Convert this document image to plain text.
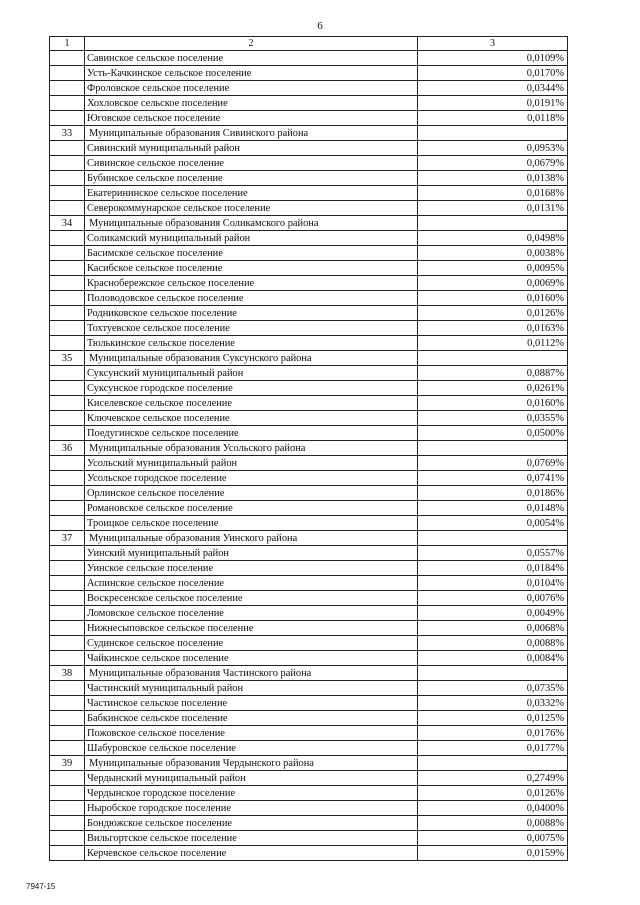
6
1	2	3
	Савинское сельское поселение	0,0109%
	Усть-Качкинское сельское поселение	0,0170%
	Фроловское сельское поселение	0,0344%
	Хохловское сельское поселение	0,0191%
	Юговское сельское поселение	0,0118%
33	Муниципальные образования Сивинского района	
	Сивинский муниципальный район	0,0953%
	Сивинское сельское поселение	0,0679%
	Бубинское сельское поселение	0,0138%
	Екатерининское сельское поселение	0,0168%
	Северокоммунарское сельское поселение	0,0131%
34	Муниципальные образования Соликамского района	
	Соликамский муниципальный район	0,0498%
	Басимское сельское поселение	0,0038%
	Касибское сельское поселение	0,0095%
	Краснобережское сельское поселение	0,0069%
	Половодовское сельское поселение	0,0160%
	Родниковское сельское поселение	0,0126%
	Тохтуевское сельское поселение	0,0163%
	Тюлькинское сельское поселение	0,0112%
35	Муниципальные образования Суксунского района	
	Суксунский муниципальный район	0,0887%
	Суксунское городское поселение	0,0261%
	Киселевское сельское поселение	0,0160%
	Ключевское сельское поселение	0,0355%
	Поедугинское сельское поселение	0,0500%
36	Муниципальные образования Усольского района	
	Усольский муниципальный район	0,0769%
	Усольское городское поселение	0,0741%
	Орлинское сельское поселение	0,0186%
	Романовское сельское поселение	0,0148%
	Троицкое сельское поселение	0,0054%
37	Муниципальные образования Уинского района	
	Уинский муниципальный район	0,0557%
	Уинское сельское поселение	0,0184%
	Аспинское сельское поселение	0,0104%
	Воскресенское сельское поселение	0,0076%
	Ломовское сельское поселение	0,0049%
	Нижнесыповское сельское поселение	0,0068%
	Судинское сельское поселение	0,0088%
	Чайкинское сельское поселение	0,0084%
38	Муниципальные образования Частинского района	
	Частинский муниципальный район	0,0735%
	Частинское сельское поселение	0,0332%
	Бабкинское сельское поселение	0,0125%
	Пожовское сельское поселение	0,0176%
	Шабуровское сельское поселение	0,0177%
39	Муниципальные образования Чердынского района	
	Чердынский муниципальный район	0,2749%
	Чердынское городское поселение	0,0126%
	Ныробское городское поселение	0,0400%
	Бондюжское сельское поселение	0,0088%
	Вильгортское сельское поселение	0,0075%
	Керчевское сельское поселение	0,0159%
7947-15
